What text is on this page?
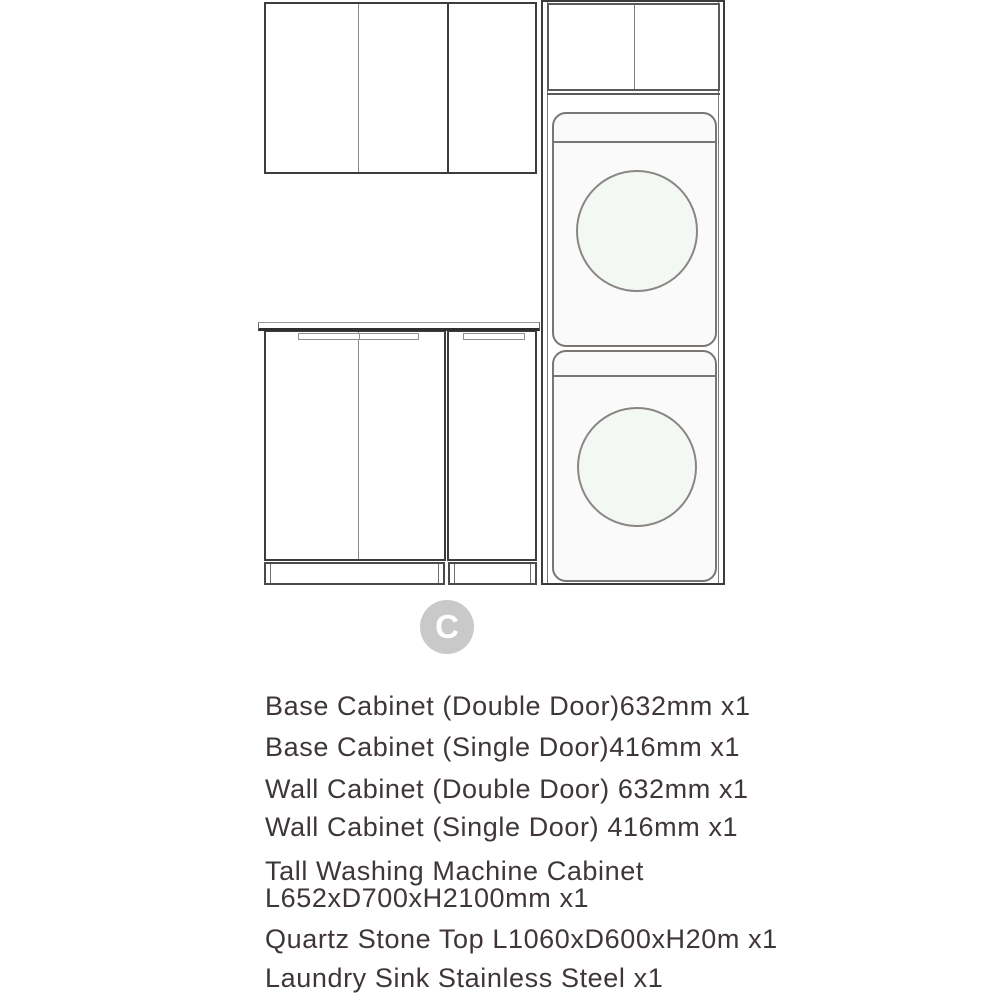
C
Base Cabinet (Double Door)632mm x1
Base Cabinet (Single Door)416mm x1
Wall Cabinet (Double Door) 632mm x1
Wall Cabinet (Single Door) 416mm x1
Tall Washing Machine Cabinet
L652xD700xH2100mm x1
Quartz Stone Top L1060xD600xH20m x1
Laundry Sink Stainless Steel x1
